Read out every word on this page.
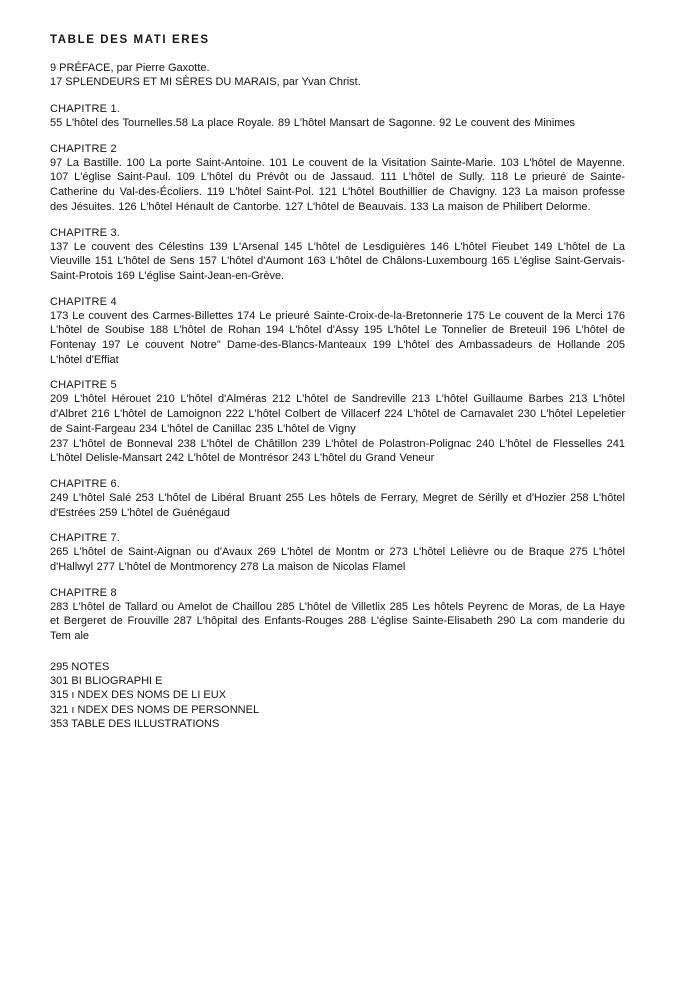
TABLE DES MATI ERES

9 PRÉFACE, par Pierre Gaxotte.

17 SPLENDEURS ET MI SÈRES DU MARAIS, par Yvan Christ.

CHAPITRE 1.

55 L'hôtel des Tournelles.58 La place Royale. 89 L'hôtel Mansart de Sagonne. 92 Le couvent des Minimes

CHAPITRE 2

97 La Bastille. 100 La porte Saint-Antoine. 101 Le couvent de la Visitation Sainte-Marie. 103 L'hôtel de Mayenne. 107 L'église Saint-Paul. 109 L'hôtel du Prévôt ou de Jassaud. 111 L'hôtel de Sully. 118 Le prieuré de Sainte-Catherine du Val-des-Écoliers. 119 L'hôtel Saint-Pol. 121 L'hôtel Bouthillier de Chavigny. 123 La maison professe des Jésuites. 126 L'hôtel Hénault de Cantorbe. 127 L'hôtel de Beauvais. 133 La maison de Philibert Delorme.

CHAPITRE 3.

137 Le couvent des Célestins 139 L'Arsenal 145 L'hôtel de Lesdiguières 146 L'hôtel Fieubet 149 L'hôtel de La Vieuville 151 L'hôtel de Sens 157 L'hôtel d'Aumont 163 L'hôtel de Châlons-Luxembourg 165 L'église Saint-Gervais-Saint-Protois 169 L'église Saint-Jean-en-Grève.

CHAPITRE 4

173 Le couvent des Carmes-Billettes 174 Le prieuré Sainte-Croix-de-la-Bretonnerie 175 Le couvent de la Merci 176 L'hôtel de Soubise 188 L'hôtel de Rohan 194 L'hôtel d'Assy 195 L'hôtel Le Tonnelier de Breteuil 196 L'hôtel de Fontenay 197 Le couvent Notre" Dame-des-Blancs-Manteaux 199 L'hôtel des Ambassadeurs de Hollande 205 L'hôtel d'Effiat

CHAPITRE 5

209 L'hôtel Hérouet 210 L'hôtel d'Alméras 212 L'hôtel de Sandreville 213 L'hôtel Guillaume Barbes 213 L'hôtel d'Albret 216 L'hôtel de Lamoignon 222 L'hôtel Colbert de Villacerf 224 L'hôtel de Carnavalet 230 L'hôtel Lepeletier de Saint-Fargeau 234 L'hôtel de Canillac 235 L'hôtel de Vigny

237 L'hôtel de Bonneval 238 L'hôtel de Châtillon 239 L'hôtel de Polastron-Polignac 240 L'hôtel de Flesselles 241 L'hôtel Delisle-Mansart 242 L'hôtel de Montrésor 243 L'hôtel du Grand Veneur

CHAPITRE 6.

249 L'hôtel Salé 253 L'hôtel de Libéral Bruant 255 Les hôtels de Ferrary, Megret de Sérilly et d'Hozier 258 L'hôtel d'Estrées 259 L'hôtel de Guénégaud

CHAPITRE 7.

265 L'hôtel de Saint-Aignan ou d'Avaux 269 L'hôtel de Montm or 273 L'hôtel Lelièvre ou de Braque 275 L'hôtel d'Hallwyl 277 L'hôtel de Montmorency 278 La maison de Nicolas Flamel

CHAPITRE 8

283 L'hôtel de Tallard ou Amelot de Chaillou 285 L'hôtel de Villetlix 285 Les hôtels Peyrenc de Moras, de La Haye et Bergeret de Frouville 287 L'hôpital des Enfants-Rouges 288 L'église Sainte-Elisabeth 290 La com manderie du Tem ale

295 NOTES

301 BI BLIOGRAPHI E

315 ı NDEX DES NOMS DE LI EUX

321 ı NDEX DES NOMS DE PERSONNEL

353 TABLE DES ILLUSTRATIONS
